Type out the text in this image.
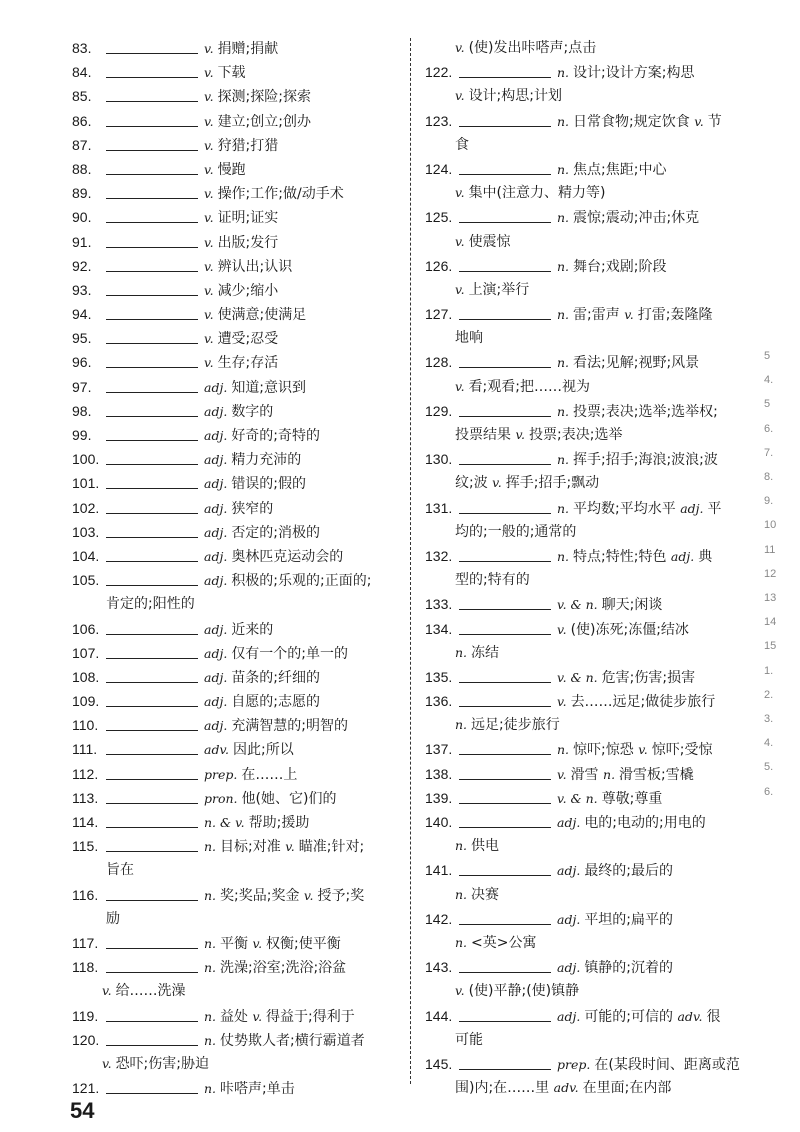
83.	v. 捐赠;捐献
84.	v. 下载
85.	v. 探测;探险;探索
86.	v. 建立;创立;创办
87.	v. 狩猎;打猎
88.	v. 慢跑
89.	v. 操作;工作;做/动手术
90.	v. 证明;证实
91.	v. 出版;发行
92.	v. 辨认出;认识
93.	v. 减少;缩小
94.	v. 使满意;使满足
95.	v. 遭受;忍受
96.	v. 生存;存活
97.	adj. 知道;意识到
98.	adj. 数字的
99.	adj. 好奇的;奇特的
100.	adj. 精力充沛的
101.	adj. 错误的;假的
102.	adj. 狭窄的
103.	adj. 否定的;消极的
104.	adj. 奥林匹克运动会的
105.	adj. 积极的;乐观的;正面的;
肯定的;阳性的
106.	adj. 近来的
107.	adj. 仅有一个的;单一的
108.	adj. 苗条的;纤细的
109.	adj. 自愿的;志愿的
110.	adj. 充满智慧的;明智的
111.	adv. 因此;所以
112.	prep. 在……上
113.	pron. 他(她、它)们的
114.	n. & v. 帮助;援助
115.	n. 目标;对准 v. 瞄准;针对;
旨在
116.	n. 奖;奖品;奖金 v. 授予;奖
励
117.	n. 平衡 v. 权衡;使平衡
118.	n. 洗澡;浴室;洗浴;浴盆
v. 给……洗澡
119.	n. 益处 v. 得益于;得利于
120.	n. 仗势欺人者;横行霸道者
v. 恐吓;伤害;胁迫
121.	n. 咔嗒声;单击
v. (使)发出咔嗒声;点击
122.	n. 设计;设计方案;构思
v. 设计;构思;计划
123.	n. 日常食物;规定饮食 v. 节
食
124.	n. 焦点;焦距;中心
v. 集中(注意力、精力等)
125.	n. 震惊;震动;冲击;休克
v. 使震惊
126.	n. 舞台;戏剧;阶段
v. 上演;举行
127.	n. 雷;雷声 v. 打雷;轰隆隆
地响
128.	n. 看法;见解;视野;风景
v. 看;观看;把……视为
129.	n. 投票;表决;选举;选举权;
投票结果 v. 投票;表决;选举
130.	n. 挥手;招手;海浪;波浪;波
纹;波 v. 挥手;招手;飘动
131.	n. 平均数;平均水平 adj. 平
均的;一般的;通常的
132.	n. 特点;特性;特色 adj. 典
型的;特有的
133.	v. & n. 聊天;闲谈
134.	v. (使)冻死;冻僵;结冰
n. 冻结
135.	v. & n. 危害;伤害;损害
136.	v. 去……远足;做徒步旅行
n. 远足;徒步旅行
137.	n. 惊吓;惊恐 v. 惊吓;受惊
138.	v. 滑雪 n. 滑雪板;雪橇
139.	v. & n. 尊敬;尊重
140.	adj. 电的;电动的;用电的
n. 供电
141.	adj. 最终的;最后的
n. 决赛
142.	adj. 平坦的;扁平的
n. <英>公寓
143.	adj. 镇静的;沉着的
v. (使)平静;(使)镇静
144.	adj. 可能的;可信的 adv. 很
可能
145.	prep. 在(某段时间、距离或范
围)内;在……里 adv. 在里面;在内部
5
4.
5
6.
7.
8.
9.
10
11
12
13
14
15
1.
2.
3.
4.
5.
6.
54
